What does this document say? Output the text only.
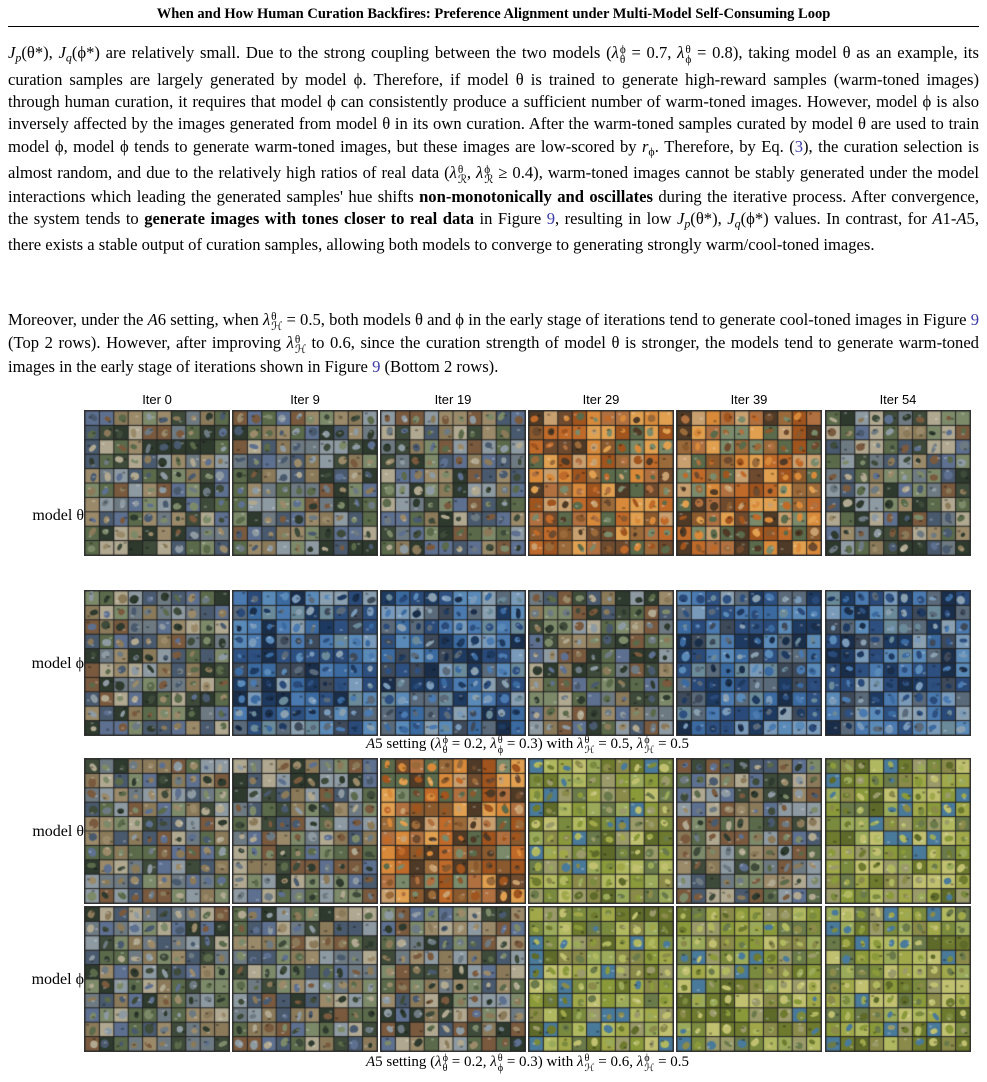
When and How Human Curation Backfires: Preference Alignment under Multi-Model Self-Consuming Loop

$J_p(\theta*)$, $J_q(\phi*)$ are relatively small. Due to the strong coupling between the two models (λ ϕ
θ = 0.7, λ θ
ϕ = 0.8), taking model θ as an example, its curation samples are largely generated by model ϕ. Therefore, if model θ is trained to generate high-reward samples (warm-toned images) through human curation, it requires that model ϕ can consistently produce a sufficient number of warm-toned images. However, model ϕ is also inversely affected by the images generated from model θ in its own curation. After the warm-toned samples curated by model θ are used to train model ϕ, model ϕ tends to generate warm-toned images, but these images are low-scored by $r_\phi$. Therefore, by Eq. (3), the curation selection is almost random, and due to the relatively high ratios of real data (λ θ
ℛ , λ ϕ
ℛ ≥ 0.4), warm-toned images cannot be stably generated under the model interactions which leading the generated samples' hue shifts non-monotonically and oscillates during the iterative process. After convergence, the system tends to generate images with tones closer to real data in Figure 9, resulting in low $J_p(\theta*)$, $J_q(\phi*)$ values. In contrast, for A1-A5, there exists a stable output of curation samples, allowing both models to converge to generating strongly warm/cool-toned images.

Moreover, under the A6 setting, when λ θ
ℋ = 0.5, both models θ and ϕ in the early stage of iterations tend to generate cool-toned images in Figure 9 (Top 2 rows). However, after improving λ θ
ℋ to 0.6, since the curation strength of model θ is stronger, the models tend to generate warm-toned images in the early stage of iterations shown in Figure 9 (Bottom 2 rows).

Iter 0	Iter 9	Iter 19	Iter 29	Iter 39	Iter 54
model θ
model ϕ
model θ
model ϕ
A5 setting (λ ϕ
θ = 0.2, λ θ
ϕ = 0.3) with λ θ
ℋ = 0.5, λ ϕ
ℋ = 0.5
A5 setting (λ ϕ
θ = 0.2, λ θ
ϕ = 0.3) with λ θ
ℋ = 0.6, λ ϕ
ℋ = 0.5
